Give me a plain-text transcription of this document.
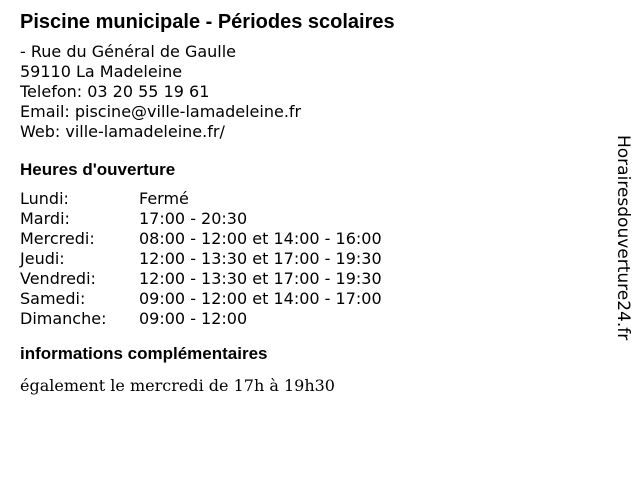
Piscine municipale - Périodes scolaires
- Rue du Général de Gaulle
59110 La Madeleine
Telefon: 03 20 55 19 61
Email: piscine@ville-lamadeleine.fr
Web: ville-lamadeleine.fr/
Heures d'ouverture
Lundi:	Fermé
Mardi:	17:00 - 20:30
Mercredi:	08:00 - 12:00 et 14:00 - 16:00
Jeudi:	12:00 - 13:30 et 17:00 - 19:30
Vendredi:	12:00 - 13:30 et 17:00 - 19:30
Samedi:	09:00 - 12:00 et 14:00 - 17:00
Dimanche:	09:00 - 12:00
informations complémentaires
également le mercredi de 17h à 19h30
Horairesdouverture24.fr
